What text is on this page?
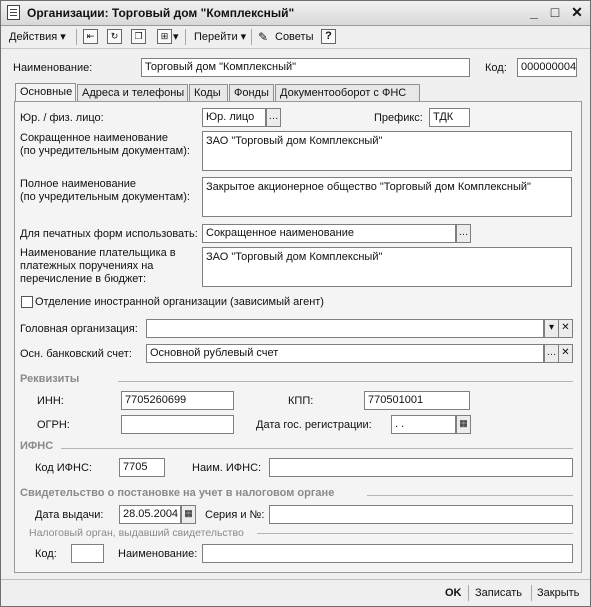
Организации: Торговый дом "Комплексный"	_ □ ✕
Действия ▾	⇤	↻	❐	⊞ ▾	Перейти ▾ ✎ Советы	?
Наименование:	Торговый дом "Комплексный"	Код:	000000004
Основные Адреса и телефоны Коды	Фонды	Документооборот с ФНС
Юр. / физ. лицо:	Юр. лицо	…	Префикс: ТДК
Сокращенное наименование
(по учредительным документам):
ЗАО "Торговый дом Комплексный"
Полное наименование
(по учредительным документам):
Закрытое акционерное общество "Торговый дом Комплексный"
Для печатных форм использовать: Сокращенное наименование	…
Наименование плательщика в
платежных поручениях на
перечисление в бюджет:
ЗАО "Торговый дом Комплексный"
Отделение иностранной организации (зависимый агент)
Головная организация:	▾ ✕
Осн. банковский счет:	Основной рублевый счет	… ✕
Реквизиты
ИНН:	7705260699	КПП:	770501001
ОГРН:	Дата гос. регистрации:	. .	▦
ИФНС
Код ИФНС:	7705	Наим. ИФНС:
Свидетельство о постановке на учет в налоговом органе
Дата выдачи:	28.05.2004 ▦ Серия и №:
Налоговый орган, выдавший свидетельство
Код:	Наименование:
OK Записать Закрыть
